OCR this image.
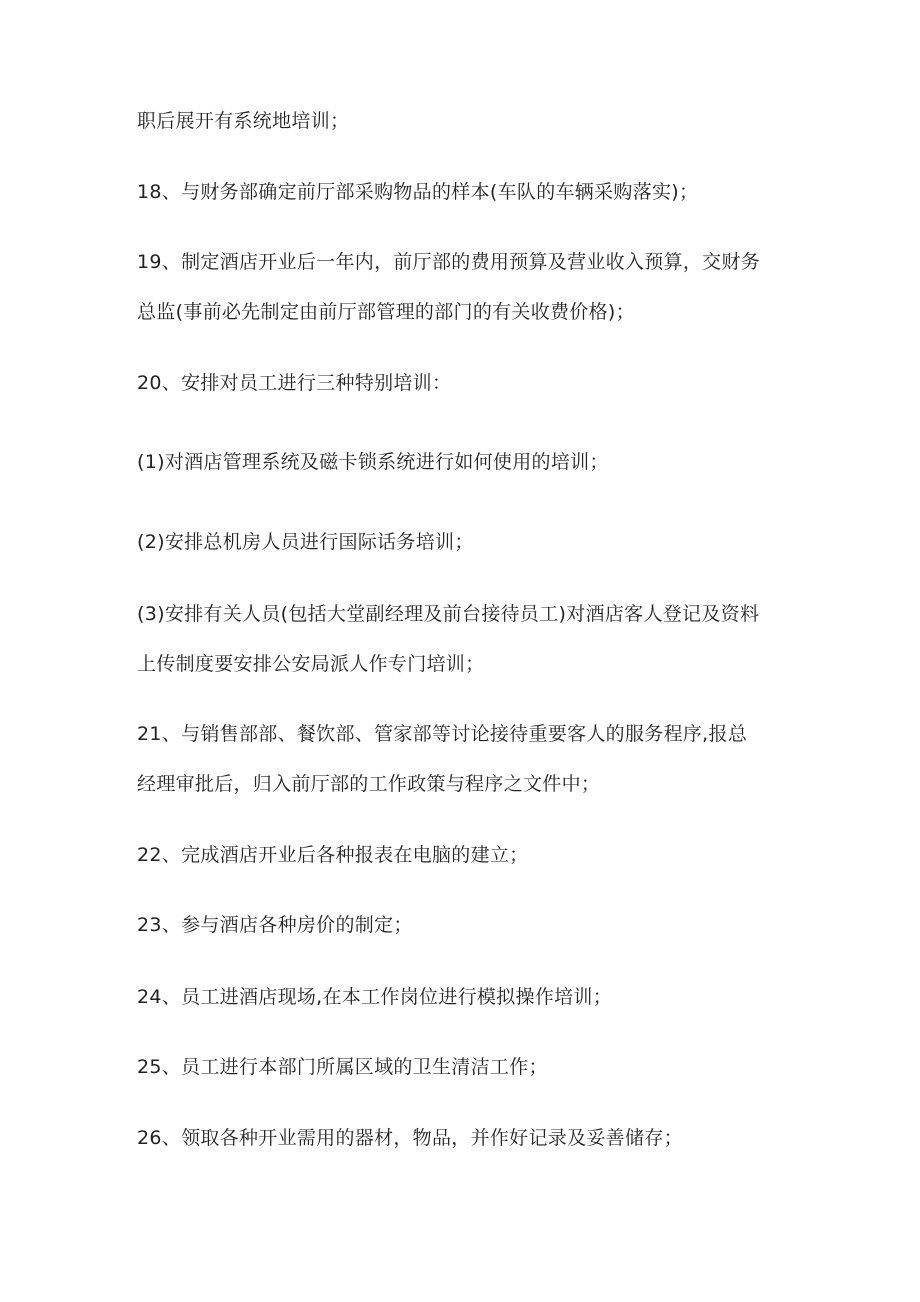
职后展开有系统地培训；
18、与财务部确定前厅部采购物品的样本(车队的车辆采购落实)；
19、制定酒店开业后一年内，前厅部的费用预算及营业收入预算，交财务
总监(事前必先制定由前厅部管理的部门的有关收费价格)；
20、安排对员工进行三种特别培训：
(1)对酒店管理系统及磁卡锁系统进行如何使用的培训；
(2)安排总机房人员进行国际话务培训；
(3)安排有关人员(包括大堂副经理及前台接待员工)对酒店客人登记及资料
上传制度要安排公安局派人作专门培训；
21、与销售部部、餐饮部、管家部等讨论接待重要客人的服务程序,报总
经理审批后，归入前厅部的工作政策与程序之文件中；
22、完成酒店开业后各种报表在电脑的建立；
23、参与酒店各种房价的制定；
24、员工进酒店现场,在本工作岗位进行模拟操作培训；
25、员工进行本部门所属区域的卫生清洁工作；
26、领取各种开业需用的器材，物品，并作好记录及妥善储存；
